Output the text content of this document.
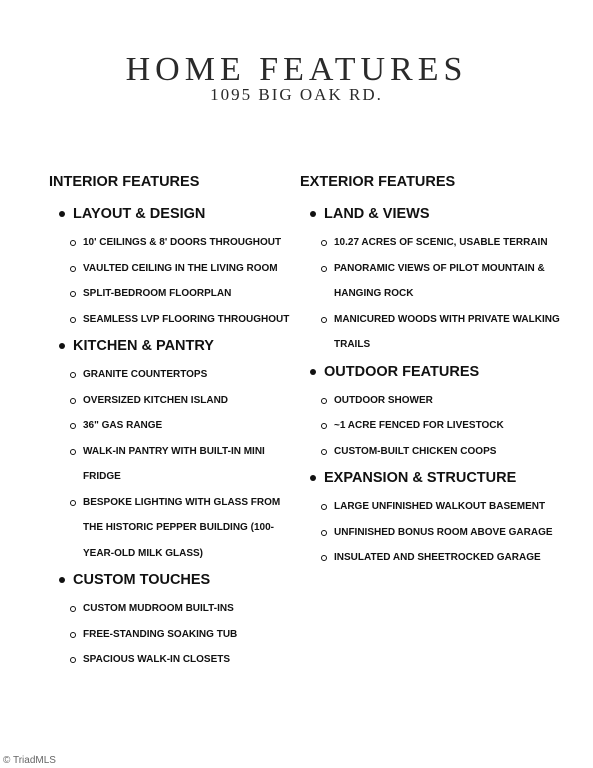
HOME FEATURES
1095 BIG OAK RD.
INTERIOR FEATURES
LAYOUT & DESIGN
10' CEILINGS & 8' DOORS THROUGHOUT
VAULTED CEILING IN THE LIVING ROOM
SPLIT-BEDROOM FLOORPLAN
SEAMLESS LVP FLOORING THROUGHOUT
KITCHEN & PANTRY
GRANITE COUNTERTOPS
OVERSIZED KITCHEN ISLAND
36" GAS RANGE
WALK-IN PANTRY WITH BUILT-IN MINI FRIDGE
BESPOKE LIGHTING WITH GLASS FROM THE HISTORIC PEPPER BUILDING (100-YEAR-OLD MILK GLASS)
CUSTOM TOUCHES
CUSTOM MUDROOM BUILT-INS
FREE-STANDING SOAKING TUB
SPACIOUS WALK-IN CLOSETS
EXTERIOR FEATURES
LAND & VIEWS
10.27 ACRES OF SCENIC, USABLE TERRAIN
PANORAMIC VIEWS OF PILOT MOUNTAIN & HANGING ROCK
MANICURED WOODS WITH PRIVATE WALKING TRAILS
OUTDOOR FEATURES
OUTDOOR SHOWER
~1 ACRE FENCED FOR LIVESTOCK
CUSTOM-BUILT CHICKEN COOPS
EXPANSION & STRUCTURE
LARGE UNFINISHED WALKOUT BASEMENT
UNFINISHED BONUS ROOM ABOVE GARAGE
INSULATED AND SHEETROCKED GARAGE
© TriadMLS
